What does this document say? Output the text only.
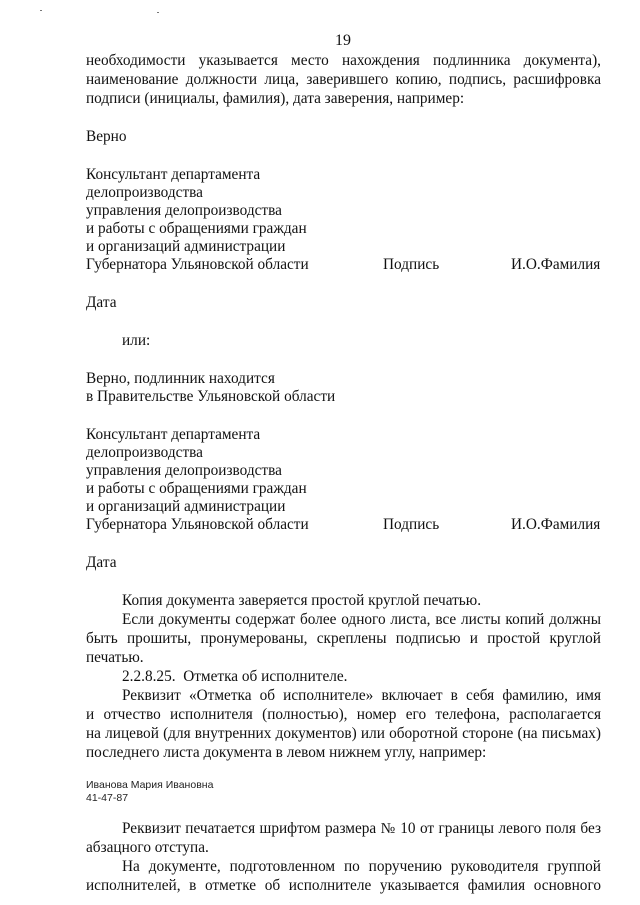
19
необходимости указывается место нахождения подлинника документа),
наименование должности лица, заверившего копию, подпись, расшифровка
подписи (инициалы, фамилия), дата заверения, например:
Верно
Консультант департамента
делопроизводства
управления делопроизводства
и работы с обращениями граждан
и организаций администрации
Губернатора Ульяновской области	Подпись	И.О.Фамилия
Дата
или:
Верно, подлинник находится
в Правительстве Ульяновской области
Консультант департамента
делопроизводства
управления делопроизводства
и работы с обращениями граждан
и организаций администрации
Губернатора Ульяновской области	Подпись	И.О.Фамилия
Дата
Копия документа заверяется простой круглой печатью.
Если документы содержат более одного листа, все листы копий должны
быть прошиты, пронумерованы, скреплены подписью и простой круглой
печатью.
2.2.8.25.  Отметка об исполнителе.
Реквизит «Отметка об исполнителе» включает в себя фамилию, имя
и отчество исполнителя (полностью), номер его телефона, располагается
на лицевой (для внутренних документов) или оборотной стороне (на письмах)
последнего листа документа в левом нижнем углу, например:
Иванова Мария Ивановна
41-47-87
Реквизит печатается шрифтом размера № 10 от границы левого поля без
абзацного отступа.
На документе, подготовленном по поручению руководителя группой
исполнителей, в отметке об исполнителе указывается фамилия основного
